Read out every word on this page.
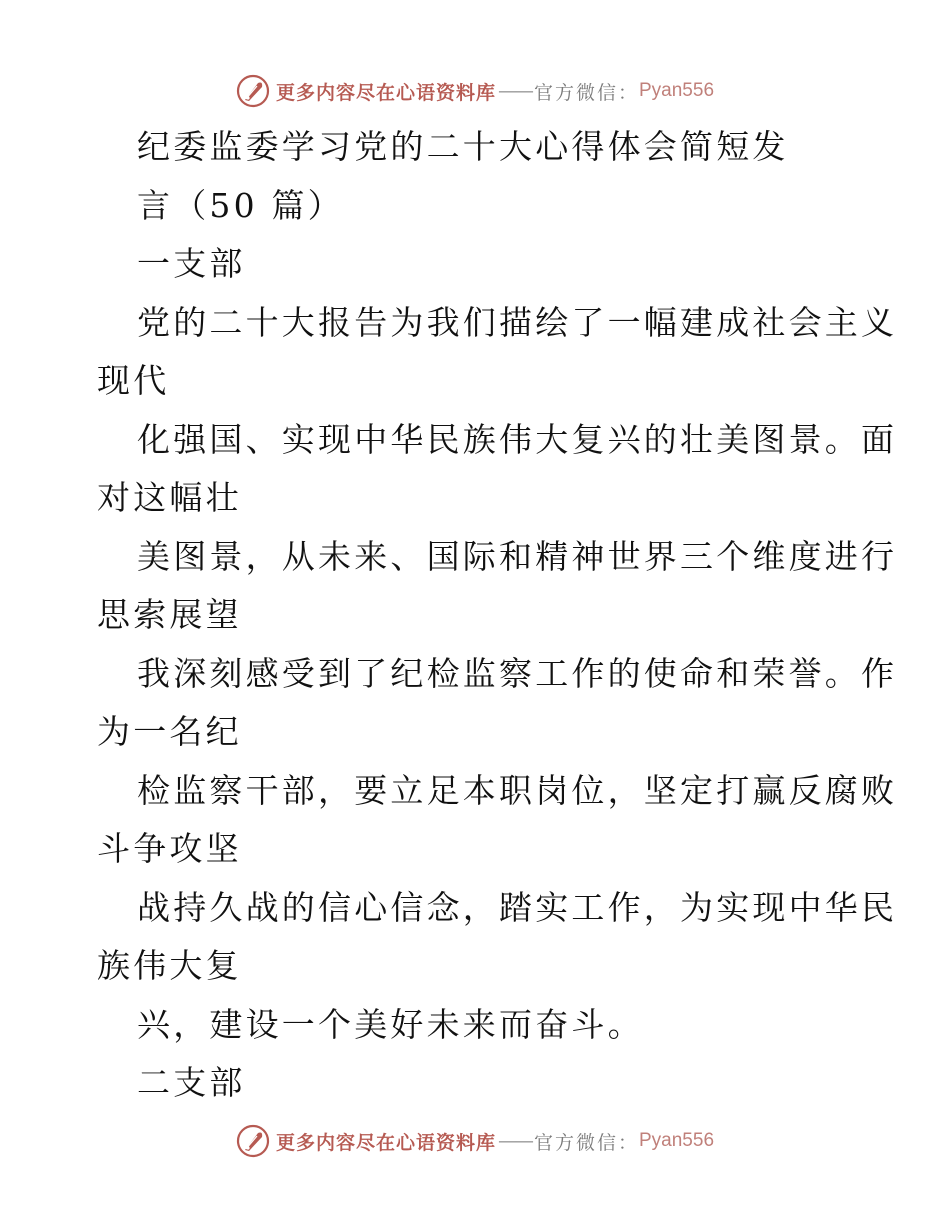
更多内容尽在心语资料库 —— 官方微信： Pyan556
纪委监委学习党的二十大心得体会简短发
言（50 篇）
一支部
党的二十大报告为我们描绘了一幅建成社会主义
现代
化强国、实现中华民族伟大复兴的壮美图景。面
对这幅壮
美图景，从未来、国际和精神世界三个维度进行
思索展望
我深刻感受到了纪检监察工作的使命和荣誉。作
为一名纪
检监察干部，要立足本职岗位，坚定打赢反腐败
斗争攻坚
战持久战的信心信念，踏实工作，为实现中华民
族伟大复
兴，建设一个美好未来而奋斗。
二支部
更多内容尽在心语资料库 —— 官方微信： Pyan556
